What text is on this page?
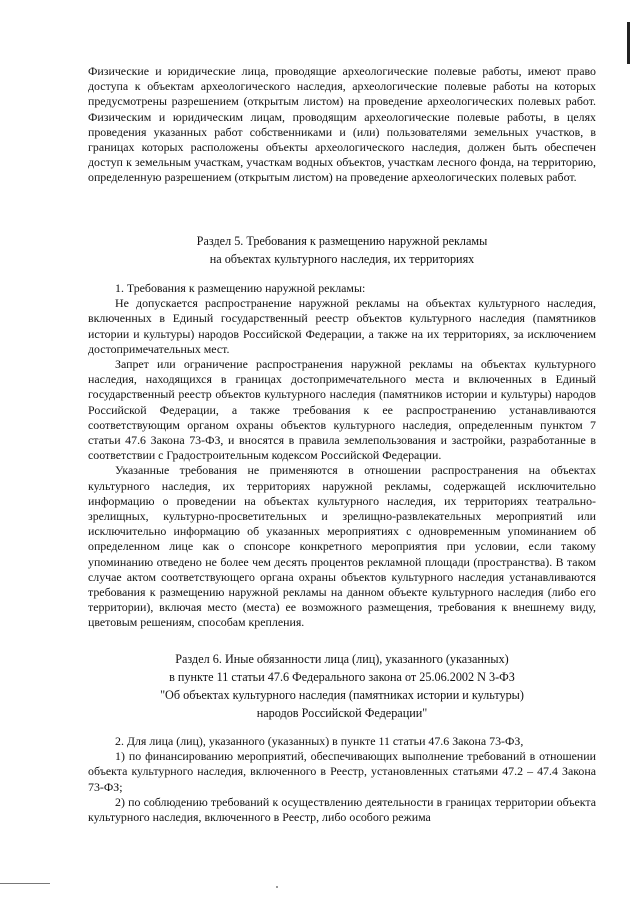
Физические и юридические лица, проводящие археологические полевые работы, имеют право доступа к объектам археологического наследия, археологические полевые работы на которых предусмотрены разрешением (открытым листом) на проведение археологических полевых работ. Физическим и юридическим лицам, проводящим археологические полевые работы, в целях проведения указанных работ собственниками и (или) пользователями земельных участков, в границах которых расположены объекты археологического наследия, должен быть обеспечен доступ к земельным участкам, участкам водных объектов, участкам лесного фонда, на территорию, определенную разрешением (открытым листом) на проведение археологических полевых работ.

Раздел 5. Требования к размещению наружной рекламы

на объектах культурного наследия, их территориях

1. Требования к размещению наружной рекламы:

Не допускается распространение наружной рекламы на объектах культурного наследия, включенных в Единый государственный реестр объектов культурного наследия (памятников истории и культуры) народов Российской Федерации, а также на их территориях, за исключением достопримечательных мест.

Запрет или ограничение распространения наружной рекламы на объектах культурного наследия, находящихся в границах достопримечательного места и включенных в Единый государственный реестр объектов культурного наследия (памятников истории и культуры) народов Российской Федерации, а также требования к ее распространению устанавливаются соответствующим органом охраны объектов культурного наследия, определенным пунктом 7 статьи 47.6 Закона 73-ФЗ, и вносятся в правила землепользования и застройки, разработанные в соответствии с Градостроительным кодексом Российской Федерации.

Указанные требования не применяются в отношении распространения на объектах культурного наследия, их территориях наружной рекламы, содержащей исключительно информацию о проведении на объектах культурного наследия, их территориях театрально-зрелищных, культурно-просветительных и зрелищно-развлекательных мероприятий или исключительно информацию об указанных мероприятиях с одновременным упоминанием об определенном лице как о спонсоре конкретного мероприятия при условии, если такому упоминанию отведено не более чем десять процентов рекламной площади (пространства). В таком случае актом соответствующего органа охраны объектов культурного наследия устанавливаются требования к размещению наружной рекламы на данном объекте культурного наследия (либо его территории), включая место (места) ее возможного размещения, требования к внешнему виду, цветовым решениям, способам крепления.

Раздел 6. Иные обязанности лица (лиц), указанного (указанных)

в пункте 11 статьи 47.6 Федерального закона от 25.06.2002 N 3-ФЗ

"Об объектах культурного наследия (памятниках истории и культуры)

народов Российской Федерации"

2. Для лица (лиц), указанного (указанных) в пункте 11 статьи 47.6 Закона 73-ФЗ,

1) по финансированию мероприятий, обеспечивающих выполнение требований в отношении объекта культурного наследия, включенного в Реестр, установленных статьями 47.2 – 47.4 Закона 73-ФЗ;

2) по соблюдению требований к осуществлению деятельности в границах территории объекта культурного наследия, включенного в Реестр, либо особого режима
